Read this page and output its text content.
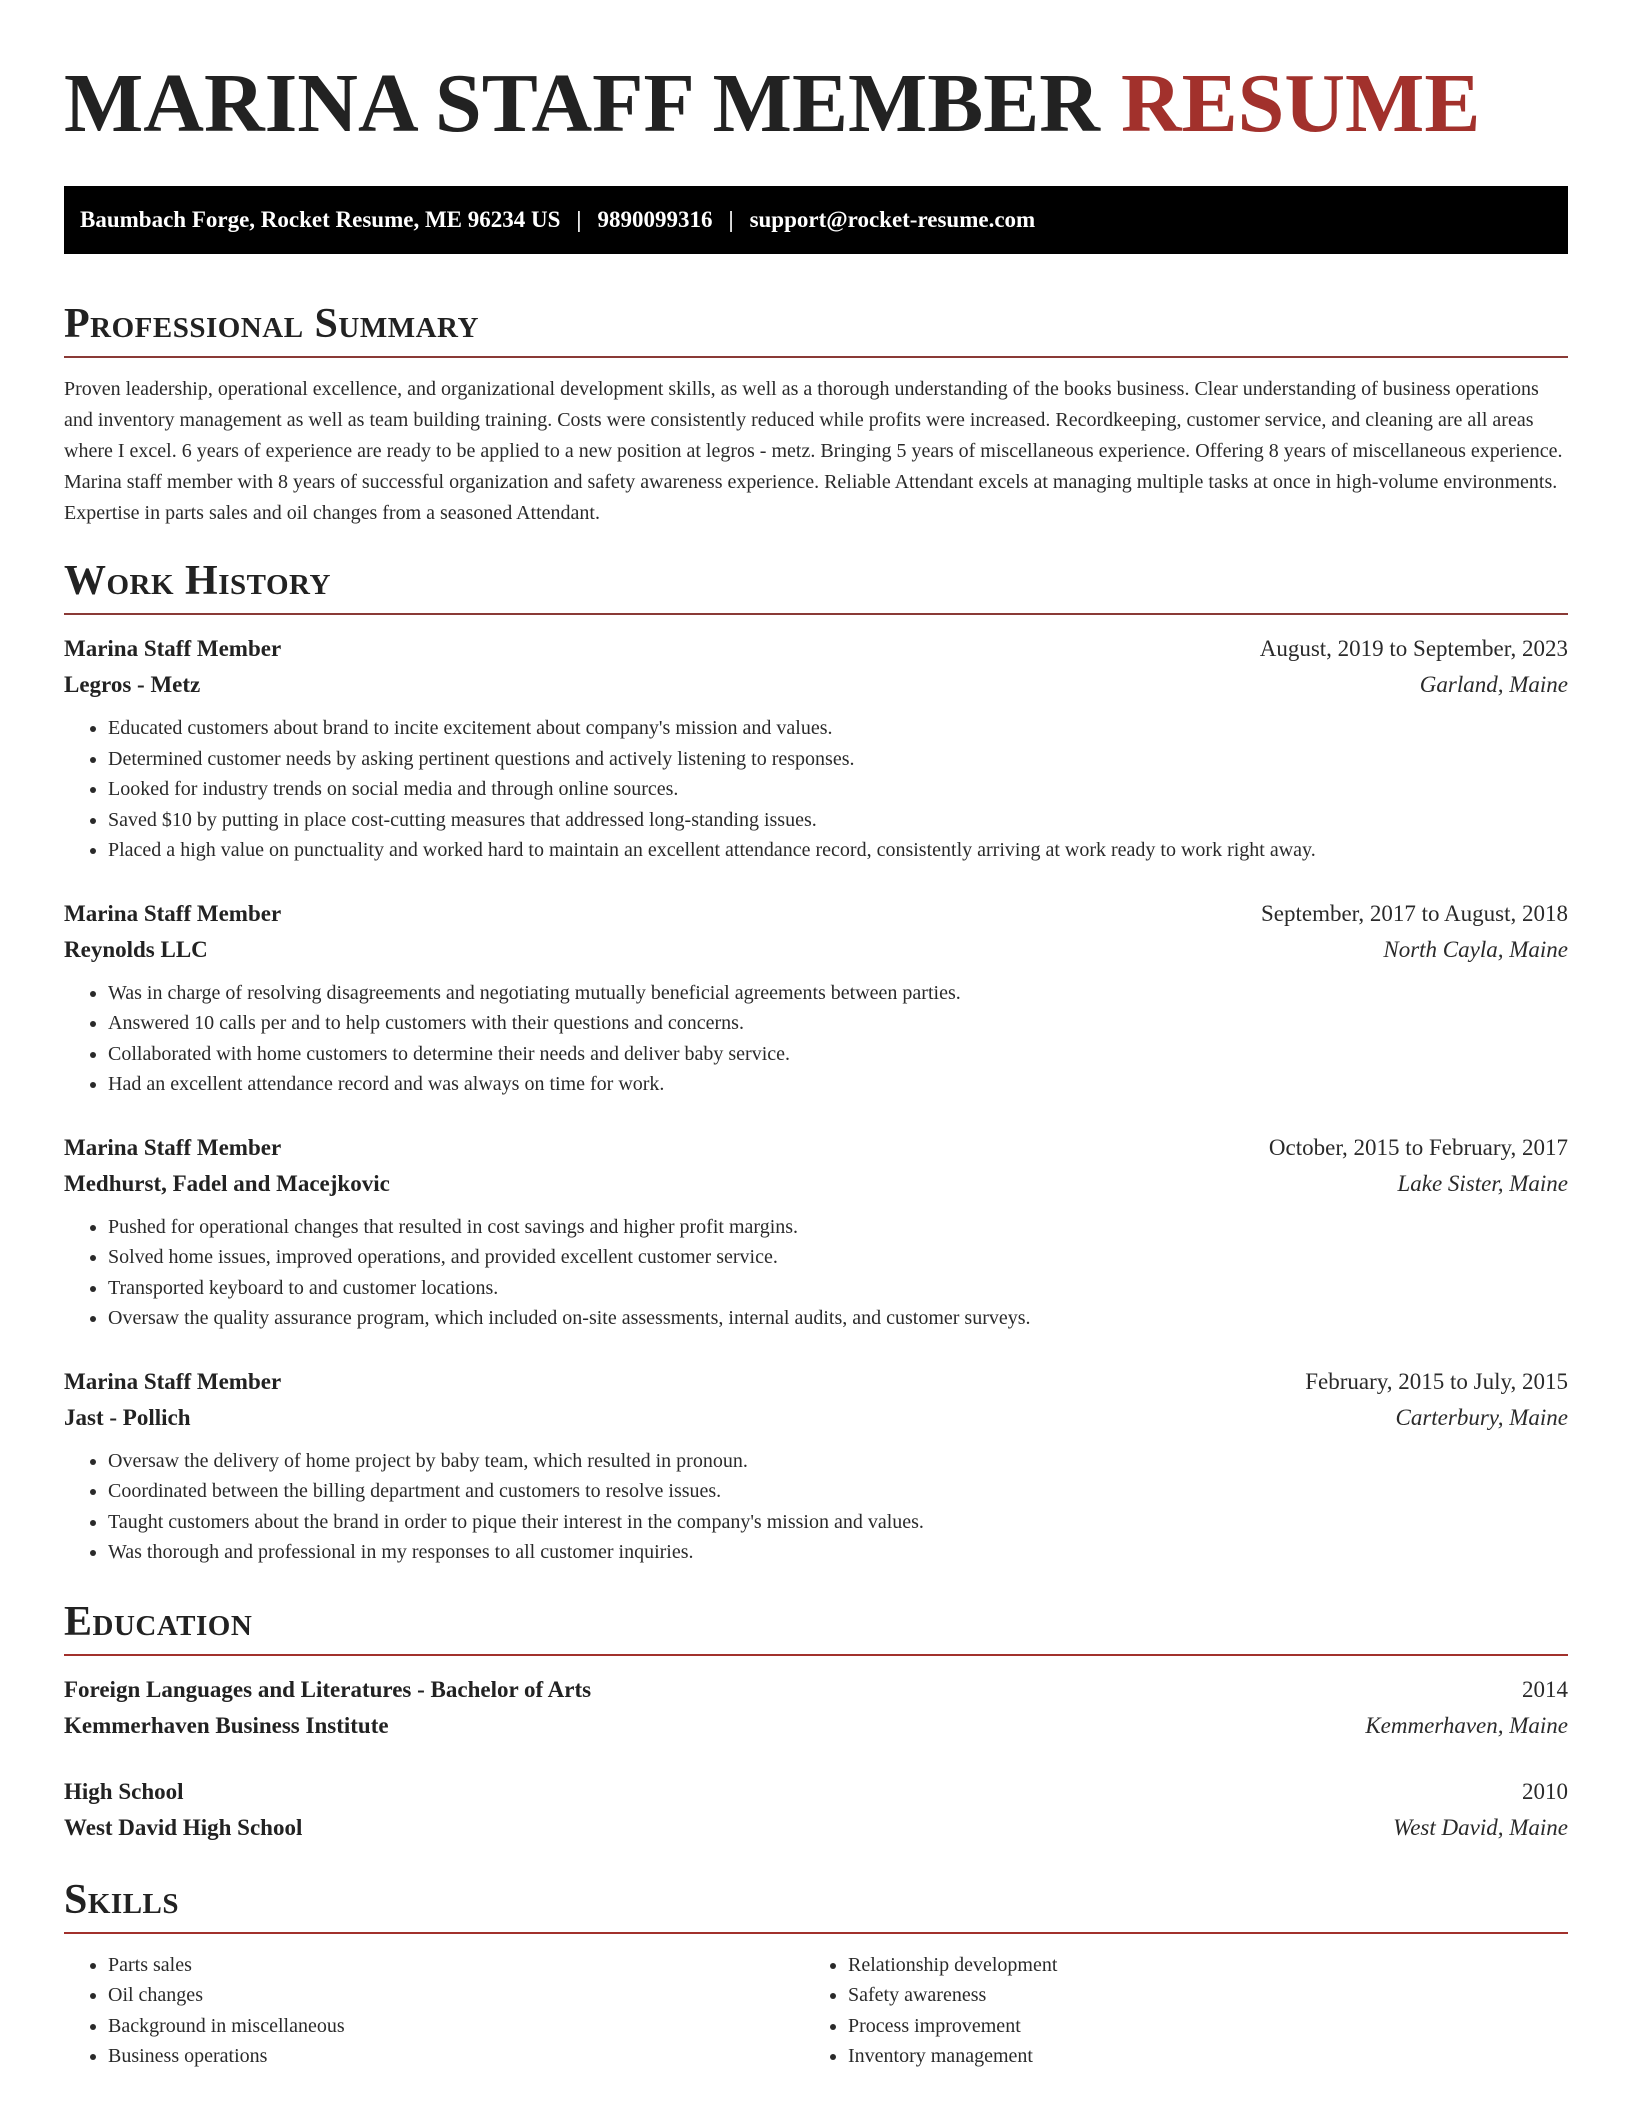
MARINA STAFF MEMBER RESUME
Baumbach Forge, Rocket Resume, ME 96234 US | 9890099316 | support@rocket-resume.com
Professional Summary

Proven leadership, operational excellence, and organizational development skills, as well as a thorough understanding of the books business. Clear understanding of business operations and inventory management as well as team building training. Costs were consistently reduced while profits were increased. Recordkeeping, customer service, and cleaning are all areas where I excel. 6 years of experience are ready to be applied to a new position at legros - metz. Bringing 5 years of miscellaneous experience. Offering 8 years of miscellaneous experience. Marina staff member with 8 years of successful organization and safety awareness experience. Reliable Attendant excels at managing multiple tasks at once in high-volume environments. Expertise in parts sales and oil changes from a seasoned Attendant.

Work History
Marina Staff Member	August, 2019 to September, 2023
Legros - Metz	Garland, Maine
• Educated customers about brand to incite excitement about company's mission and values.
• Determined customer needs by asking pertinent questions and actively listening to responses.
• Looked for industry trends on social media and through online sources.
• Saved $10 by putting in place cost-cutting measures that addressed long-standing issues.
• Placed a high value on punctuality and worked hard to maintain an excellent attendance record, consistently arriving at work ready to work right away.
Marina Staff Member	September, 2017 to August, 2018
Reynolds LLC	North Cayla, Maine
• Was in charge of resolving disagreements and negotiating mutually beneficial agreements between parties.
• Answered 10 calls per and to help customers with their questions and concerns.
• Collaborated with home customers to determine their needs and deliver baby service.
• Had an excellent attendance record and was always on time for work.
Marina Staff Member	October, 2015 to February, 2017
Medhurst, Fadel and Macejkovic	Lake Sister, Maine
• Pushed for operational changes that resulted in cost savings and higher profit margins.
• Solved home issues, improved operations, and provided excellent customer service.
• Transported keyboard to and customer locations.
• Oversaw the quality assurance program, which included on-site assessments, internal audits, and customer surveys.
Marina Staff Member	February, 2015 to July, 2015
Jast - Pollich	Carterbury, Maine
• Oversaw the delivery of home project by baby team, which resulted in pronoun.
• Coordinated between the billing department and customers to resolve issues.
• Taught customers about the brand in order to pique their interest in the company's mission and values.
• Was thorough and professional in my responses to all customer inquiries.
Education
Foreign Languages and Literatures - Bachelor of Arts	2014
Kemmerhaven Business Institute	Kemmerhaven, Maine
High School	2010
West David High School	West David, Maine
Skills
• Parts sales
• Oil changes
• Background in miscellaneous
• Business operations
• Relationship development
• Safety awareness
• Process improvement
• Inventory management
